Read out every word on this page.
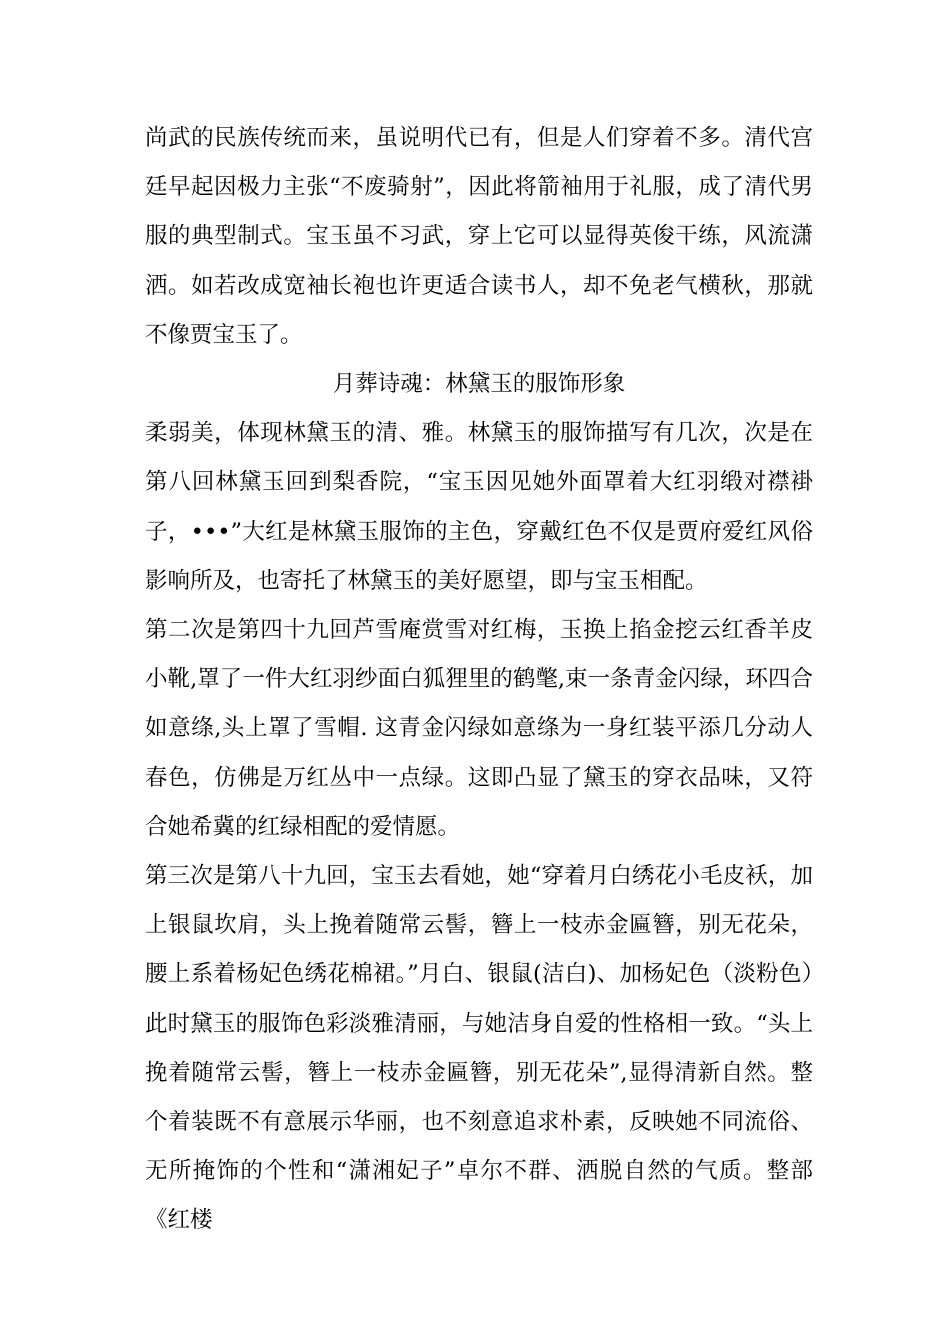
尚武的民族传统而来，虽说明代已有，但是人们穿着不多。清代宫廷早起因极力主张“不废骑射”，因此将箭袖用于礼服，成了清代男服的典型制式。宝玉虽不习武，穿上它可以显得英俊干练，风流潇洒。如若改成宽袖长袍也许更适合读书人，却不免老气横秋，那就不像贾宝玉了。

月葬诗魂：林黛玉的服饰形象

柔弱美，体现林黛玉的清、雅。林黛玉的服饰描写有几次，次是在第八回林黛玉回到梨香院，“宝玉因见她外面罩着大红羽缎对襟褂子，•••”大红是林黛玉服饰的主色，穿戴红色不仅是贾府爱红风俗影响所及，也寄托了林黛玉的美好愿望，即与宝玉相配。

第二次是第四十九回芦雪庵赏雪对红梅，玉换上掐金挖云红香羊皮小靴,罩了一件大红羽纱面白狐狸里的鹤氅,束一条青金闪绿，环四合如意绦,头上罩了雪帽. 这青金闪绿如意绦为一身红装平添几分动人春色，仿佛是万红丛中一点绿。这即凸显了黛玉的穿衣品味，又符合她希冀的红绿相配的爱情愿。

第三次是第八十九回，宝玉去看她，她“穿着月白绣花小毛皮袄，加上银鼠坎肩，头上挽着随常云髻，簪上一枝赤金匾簪，别无花朵，腰上系着杨妃色绣花棉裙。”月白、银鼠(洁白)、加杨妃色（淡粉色）此时黛玉的服饰色彩淡雅清丽，与她洁身自爱的性格相一致。“头上挽着随常云髻，簪上一枝赤金匾簪，别无花朵”,显得清新自然。整个着装既不有意展示华丽，也不刻意追求朴素，反映她不同流俗、无所掩饰的个性和“潇湘妃子”卓尔不群、洒脱自然的气质。整部《红楼
